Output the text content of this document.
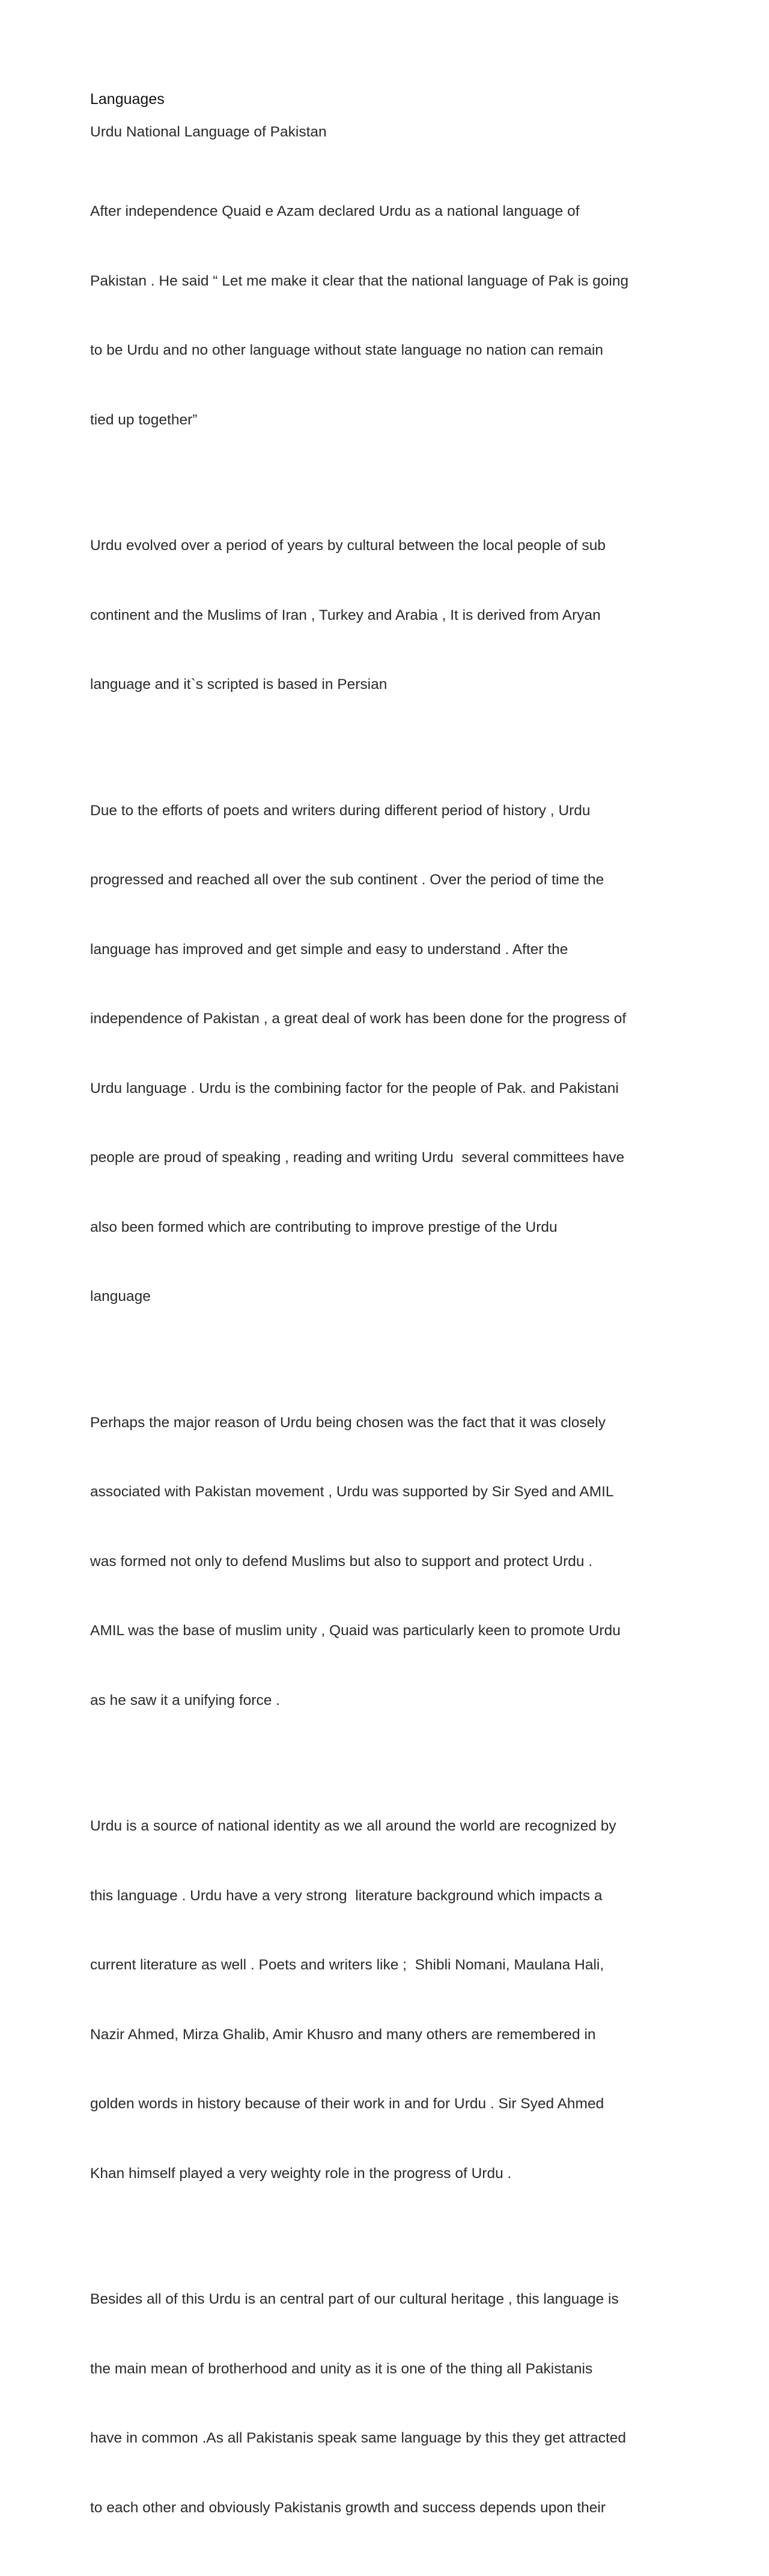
Languages
Urdu National Language of Pakistan

After independence Quaid e Azam declared Urdu as a national language of

Pakistan . He said “ Let me make it clear that the national language of Pak is going

to be Urdu and no other language without state language no nation can remain

tied up together”

Urdu evolved over a period of years by cultural between the local people of sub

continent and the Muslims of Iran , Turkey and Arabia , It is derived from Aryan

language and it`s scripted is based in Persian

Due to the efforts of poets and writers during different period of history , Urdu

progressed and reached all over the sub continent . Over the period of time the

language has improved and get simple and easy to understand . After the

independence of Pakistan , a great deal of work has been done for the progress of

Urdu language . Urdu is the combining factor for the people of Pak. and Pakistani

people are proud of speaking , reading and writing Urdu  several committees have

also been formed which are contributing to improve prestige of the Urdu

language

Perhaps the major reason of Urdu being chosen was the fact that it was closely

associated with Pakistan movement , Urdu was supported by Sir Syed and AMIL

was formed not only to defend Muslims but also to support and protect Urdu .

AMIL was the base of muslim unity , Quaid was particularly keen to promote Urdu

as he saw it a unifying force .

Urdu is a source of national identity as we all around the world are recognized by

this language . Urdu have a very strong  literature background which impacts a

current literature as well . Poets and writers like ;  Shibli Nomani, Maulana Hali,

Nazir Ahmed, Mirza Ghalib, Amir Khusro and many others are remembered in

golden words in history because of their work in and for Urdu . Sir Syed Ahmed

Khan himself played a very weighty role in the progress of Urdu .

Besides all of this Urdu is an central part of our cultural heritage , this language is

the main mean of brotherhood and unity as it is one of the thing all Pakistanis

have in common .As all Pakistanis speak same language by this they get attracted

to each other and obviously Pakistanis growth and success depends upon their
